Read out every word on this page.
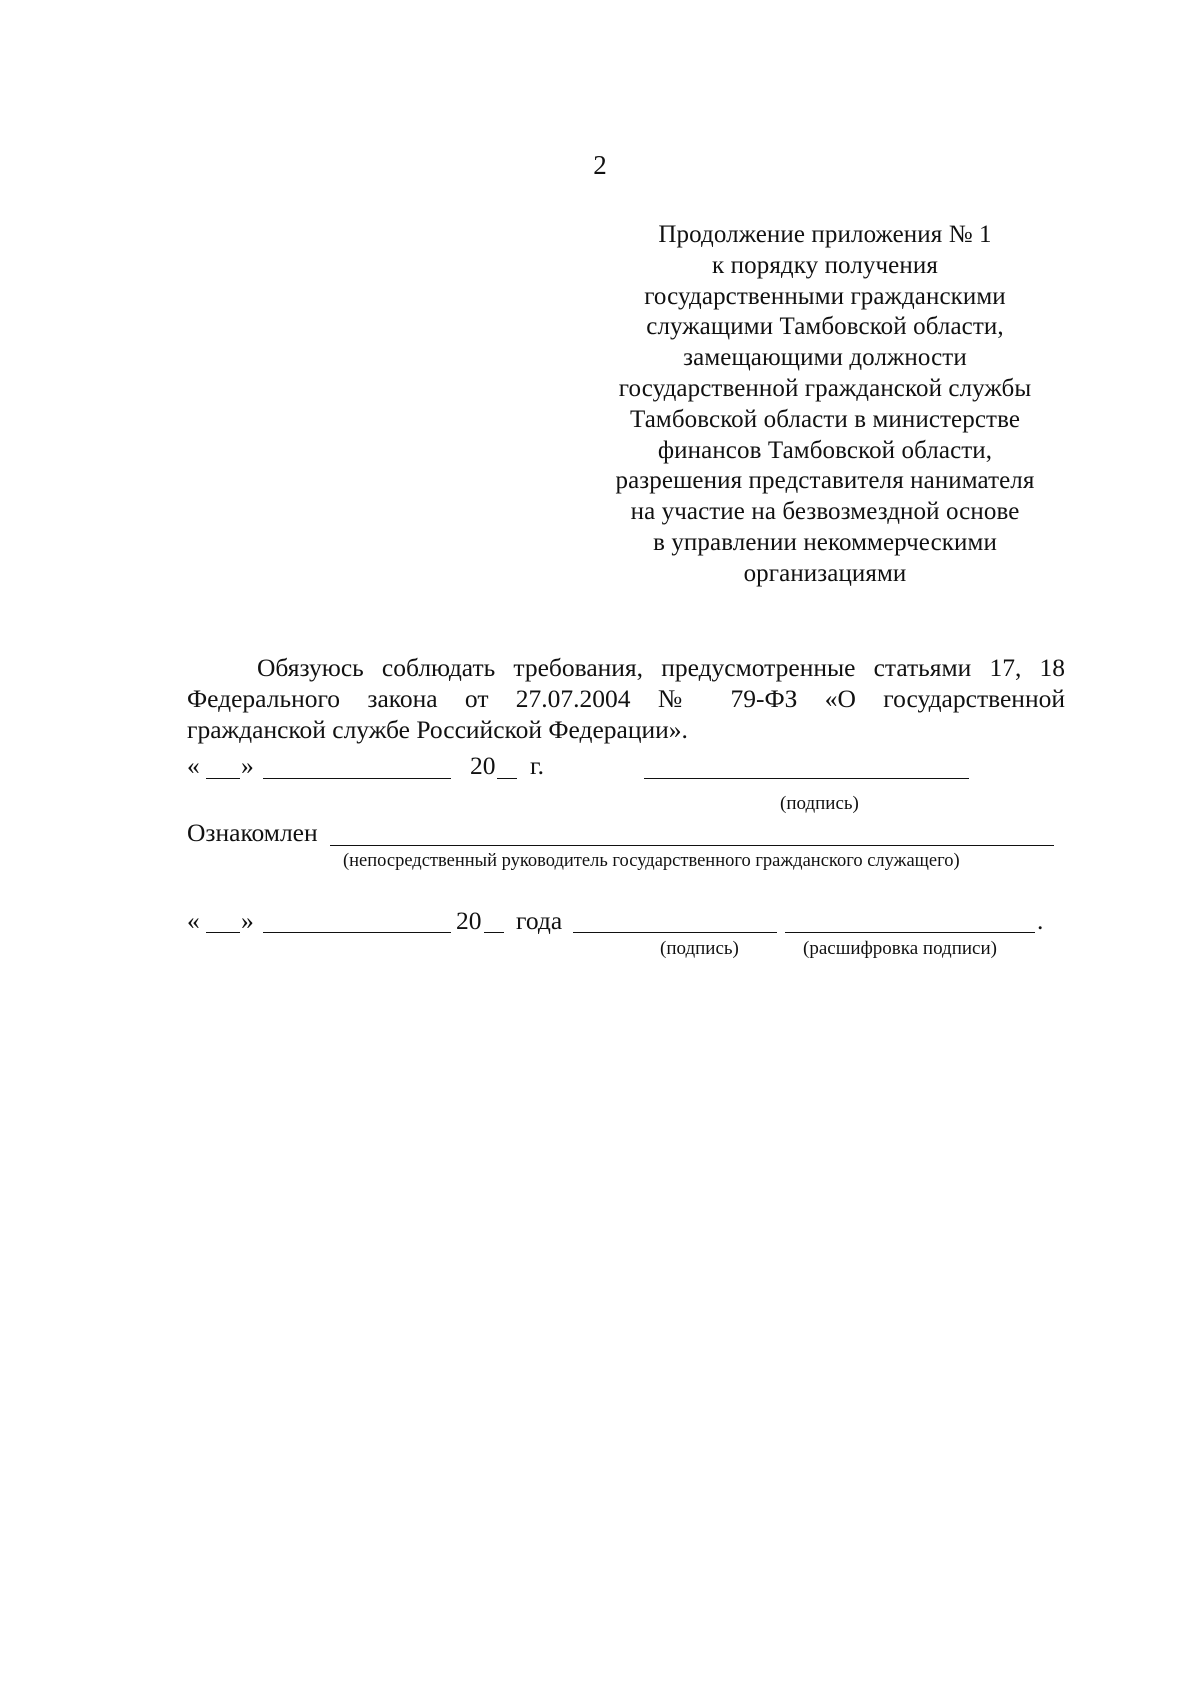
2
Продолжение приложения № 1
к порядку получения
государственными гражданскими
служащими Тамбовской области,
замещающими должности
государственной гражданской службы
Тамбовской области в министерстве
финансов Тамбовской области,
разрешения представителя нанимателя
на участие на безвозмездной основе
в управлении некоммерческими
организациями
Обязуюсь соблюдать требования, предусмотренные статьями 17, 18
Федерального закона от 27.07.2004 № 79-ФЗ «О государственной
гражданской службе Российской Федерации».
« »	20 г.
(подпись)
Ознакомлен
(непосредственный руководитель государственного гражданского служащего)
« »	20 года	.
(подпись)	(расшифровка подписи)
